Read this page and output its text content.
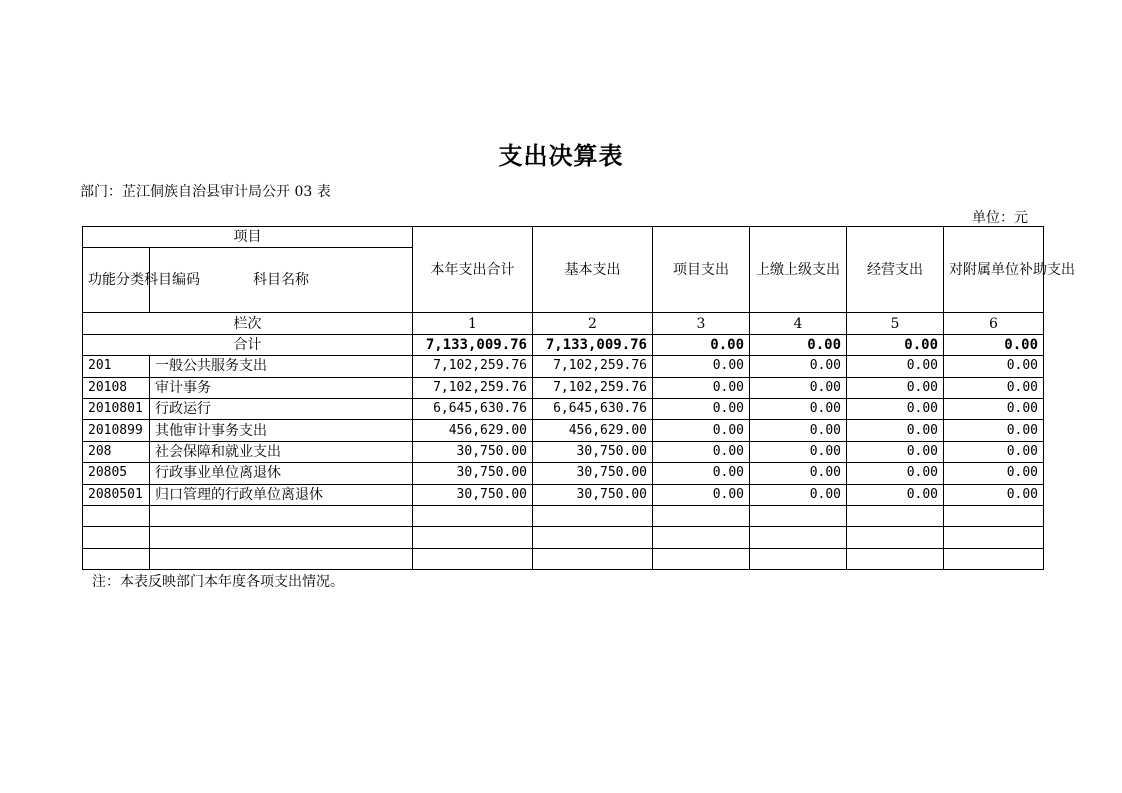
支出决算表
部门：芷江侗族自治县审计局公开 03 表
单位：元
项目		本年支出合计	基本支出	项目支出	上缴上级支出	经营支出	对附属单位补助支出
功能分类科目编码	科目名称						
栏次		1	2	3	4	5	6
合计		7,133,009.76	7,133,009.76	0.00	0.00	0.00	0.00
201	一般公共服务支出	7,102,259.76	7,102,259.76	0.00	0.00	0.00	0.00
20108	审计事务	7,102,259.76	7,102,259.76	0.00	0.00	0.00	0.00
2010801	行政运行	6,645,630.76	6,645,630.76	0.00	0.00	0.00	0.00
2010899	其他审计事务支出	456,629.00	456,629.00	0.00	0.00	0.00	0.00
208	社会保障和就业支出	30,750.00	30,750.00	0.00	0.00	0.00	0.00
20805	行政事业单位离退休	30,750.00	30,750.00	0.00	0.00	0.00	0.00
2080501	归口管理的行政单位离退休	30,750.00	30,750.00	0.00	0.00	0.00	0.00

注：本表反映部门本年度各项支出情况。
